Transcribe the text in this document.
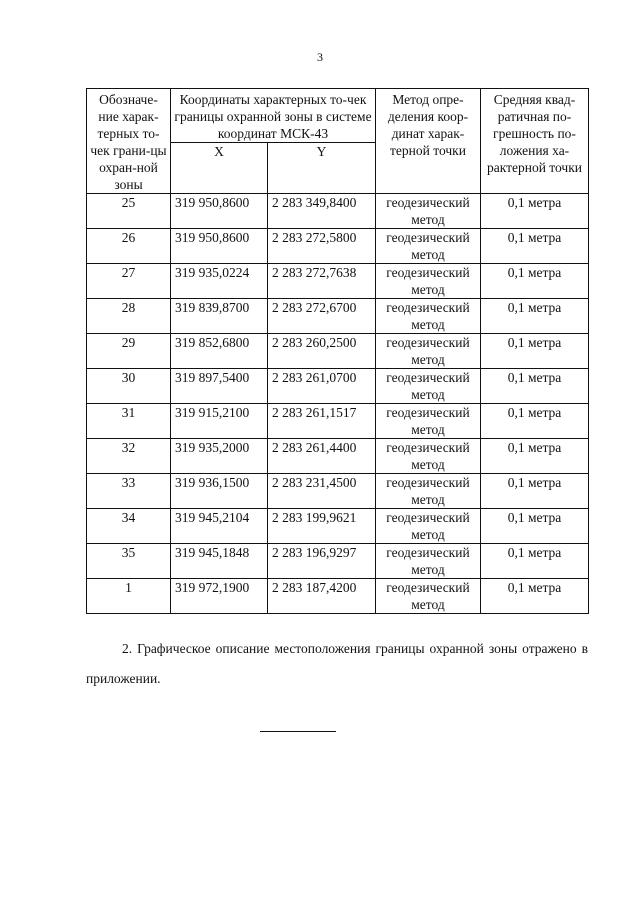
3
Обозначе-ние харак-терных то-чек грани-цы охран-ной зоны	Координаты характерных то-чек границы охранной зоны в системе координат МСК-43		Метод опре-деления коор-динат харак-терной точки	Средняя квад-ратичная по-грешность по-ложения ха-рактерной точки
	X	Y		
25	319 950,8600	2 283 349,8400	геодезический метод	0,1 метра
26	319 950,8600	2 283 272,5800	геодезический метод	0,1 метра
27	319 935,0224	2 283 272,7638	геодезический метод	0,1 метра
28	319 839,8700	2 283 272,6700	геодезический метод	0,1 метра
29	319 852,6800	2 283 260,2500	геодезический метод	0,1 метра
30	319 897,5400	2 283 261,0700	геодезический метод	0,1 метра
31	319 915,2100	2 283 261,1517	геодезический метод	0,1 метра
32	319 935,2000	2 283 261,4400	геодезический метод	0,1 метра
33	319 936,1500	2 283 231,4500	геодезический метод	0,1 метра
34	319 945,2104	2 283 199,9621	геодезический метод	0,1 метра
35	319 945,1848	2 283 196,9297	геодезический метод	0,1 метра
1	319 972,1900	2 283 187,4200	геодезический метод	0,1 метра

2. Графическое описание местоположения границы охранной зоны отражено в приложении.
